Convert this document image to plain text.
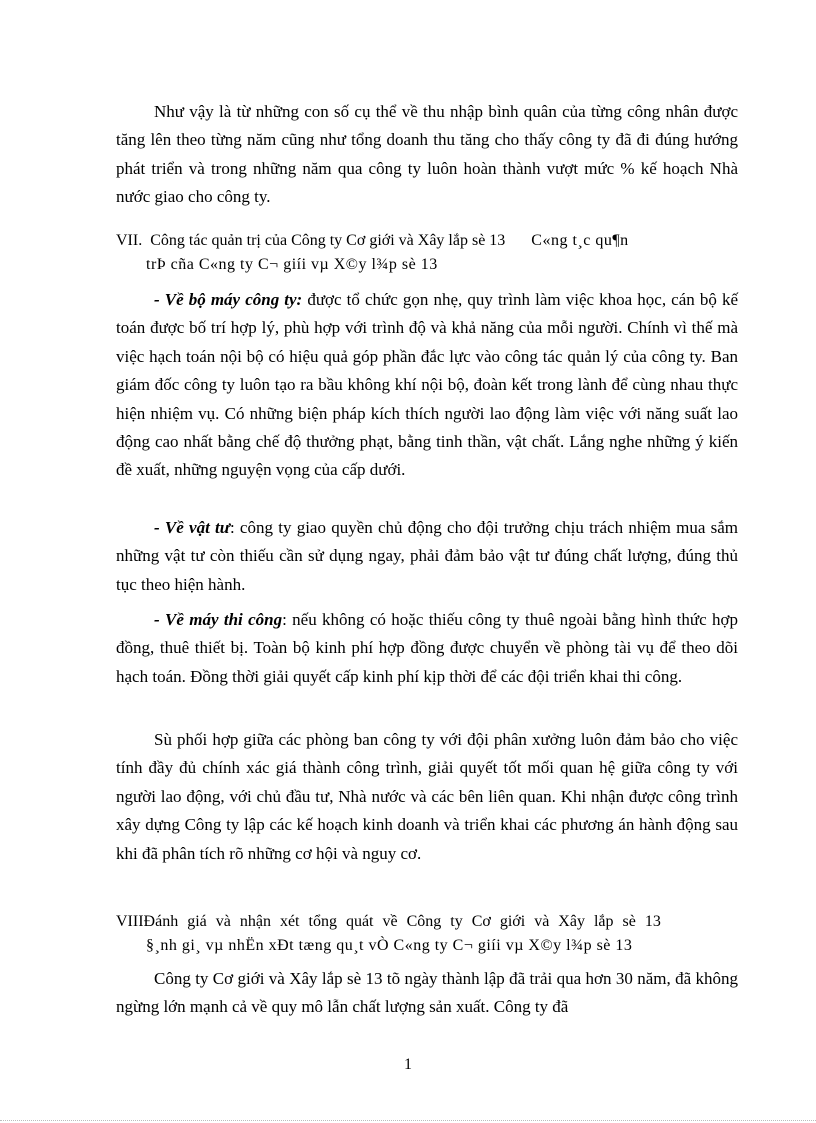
Như vậy là từ những con số cụ thể về thu nhập bình quân của từng công nhân được tăng lên theo từng năm cũng như tổng doanh thu tăng cho thấy công ty đã đi đúng hướng phát triển và trong những năm qua công ty luôn hoàn thành vượt mức % kế hoạch Nhà nước giao cho công ty.

VII. Công tác quản trị của Công ty Cơ giới và Xây lắp sè 13 C«ng t¸c qu¶n
trÞ cña C«ng ty C¬ giíi vµ X©y l¾p sè 13

- Về bộ máy công ty: được tổ chức gọn nhẹ, quy trình làm việc khoa học, cán bộ kế toán được bố trí hợp lý, phù hợp với trình độ và khả năng của mỗi người. Chính vì thế mà việc hạch toán nội bộ có hiệu quả góp phần đắc lực vào công tác quản lý của công ty. Ban giám đốc công ty luôn tạo ra bầu không khí nội bộ, đoàn kết trong lành để cùng nhau thực hiện nhiệm vụ. Có những biện pháp kích thích người lao động làm việc với năng suất lao động cao nhất bằng chế độ thưởng phạt, bằng tinh thần, vật chất. Lắng nghe những ý kiến đề xuất, những nguyện vọng của cấp dưới.

- Về vật tư: công ty giao quyền chủ động cho đội trưởng chịu trách nhiệm mua sắm những vật tư còn thiếu cần sử dụng ngay, phải đảm bảo vật tư đúng chất lượng, đúng thủ tục theo hiện hành.

- Về máy thi công: nếu không có hoặc thiếu công ty thuê ngoài bằng hình thức hợp đồng, thuê thiết bị. Toàn bộ kinh phí hợp đồng được chuyển về phòng tài vụ để theo dõi hạch toán. Đồng thời giải quyết cấp kinh phí kịp thời để các đội triển khai thi công.

Sù phối hợp giữa các phòng ban công ty với đội phân xưởng luôn đảm bảo cho việc tính đầy đủ chính xác giá thành công trình, giải quyết tốt mối quan hệ giữa công ty với người lao động, với chủ đầu tư, Nhà nước và các bên liên quan. Khi nhận được công trình xây dựng Công ty lập các kế hoạch kinh doanh và triển khai các phương án hành động sau khi đã phân tích rõ những cơ hội và nguy cơ.

VIIIĐánh giá và nhận xét tổng quát về Công ty Cơ giới và Xây lắp sè 13
§¸nh gi¸ vµ nhËn xÐt tæng qu¸t vÒ C«ng ty C¬ giíi vµ X©y l¾p sè 13

Công ty Cơ giới và Xây lắp sè 13 tõ ngày thành lập đã trải qua hơn 30 năm, đã không ngừng lớn mạnh cả về quy mô lẫn chất lượng sản xuất. Công ty đã

1
